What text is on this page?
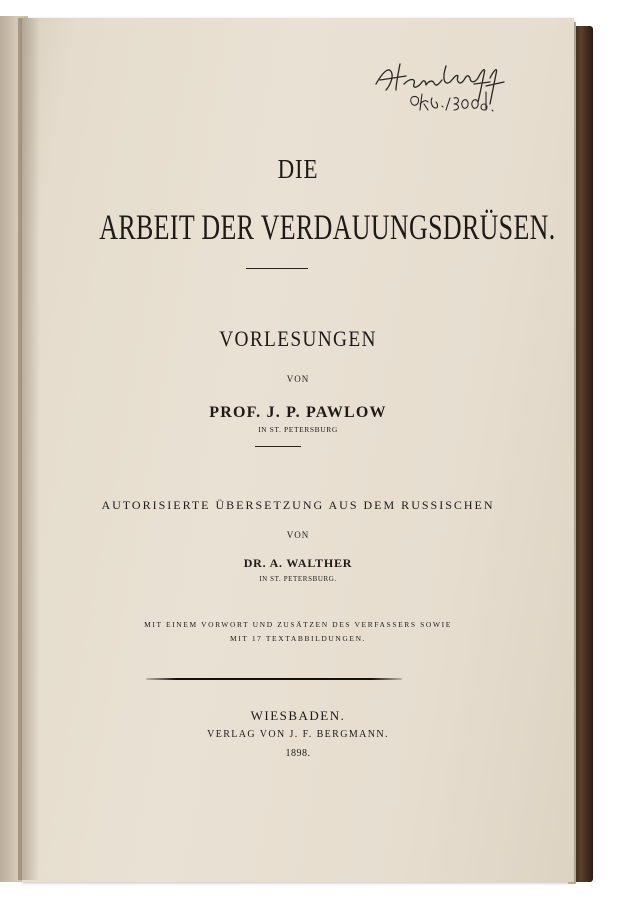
DIE
ARBEIT DER VERDAUUNGSDRÜSEN.
VORLESUNGEN
VON
PROF. J. P. PAWLOW
IN ST. PETERSBURG
AUTORISIERTE ÜBERSETZUNG AUS DEM RUSSISCHEN
VON
DR. A. WALTHER
IN ST. PETERSBURG.
MIT EINEM VORWORT UND ZUSÄTZEN DES VERFASSERS SOWIE
MIT 17 TEXTABBILDUNGEN.
WIESBADEN.
VERLAG VON J. F. BERGMANN.
1898.
